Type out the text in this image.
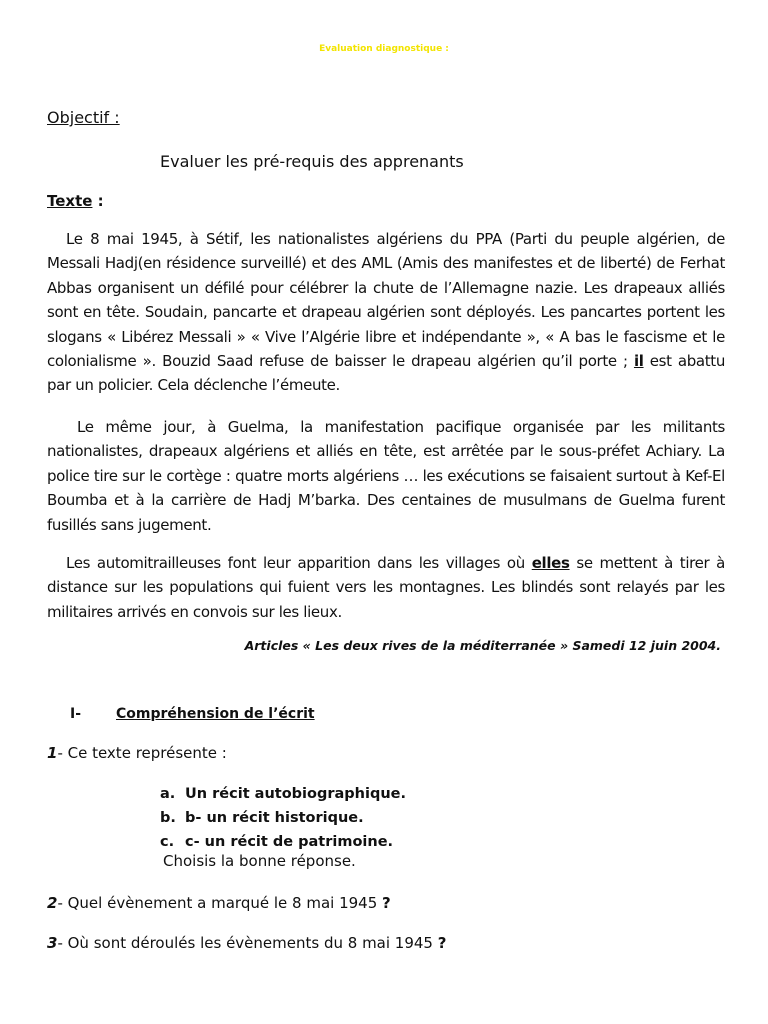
Evaluation diagnostique :
Objectif :
Evaluer les pré-requis des apprenants
Texte :
Le 8 mai 1945, à Sétif, les nationalistes algériens du PPA (Parti du peuple algérien, de Messali Hadj(en résidence surveillé) et des AML (Amis des manifestes et de liberté) de Ferhat Abbas organisent un défilé pour célébrer la chute de l’Allemagne nazie. Les drapeaux alliés sont en tête. Soudain, pancarte et drapeau algérien sont déployés. Les pancartes portent les slogans « Libérez Messali » « Vive l’Algérie libre et indépendante », « A bas le fascisme et le colonialisme ». Bouzid Saad refuse de baisser le drapeau algérien qu’il porte ; il est abattu par un policier. Cela déclenche l’émeute.
Le même jour, à Guelma, la manifestation pacifique organisée par les militants nationalistes, drapeaux algériens et alliés en tête, est arrêtée par le sous-préfet Achiary. La police tire sur le cortège : quatre morts algériens … les exécutions se faisaient surtout à Kef-El Boumba et à la carrière de Hadj M’barka. Des centaines de musulmans de Guelma furent fusillés sans jugement.
Les automitrailleuses font leur apparition dans les villages où elles se mettent à tirer à distance sur les populations qui fuient vers les montagnes. Les blindés sont relayés par les militaires arrivés en convois sur les lieux.
Articles « Les deux rives de la méditerranée » Samedi 12 juin 2004.
I- Compréhension de l’écrit
1- Ce texte représente :
a. Un récit autobiographique.
b. b- un récit historique.
c. c- un récit de patrimoine.
Choisis la bonne réponse.
2- Quel évènement a marqué le 8 mai 1945 ?
3- Où sont déroulés les évènements du 8 mai 1945 ?
